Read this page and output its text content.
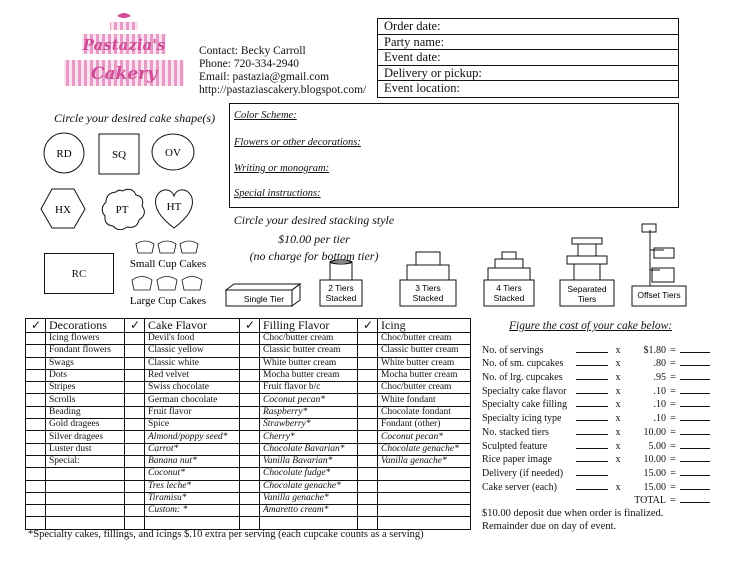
Pastazia's
Cakery
Contact: Becky Carroll
Phone: 720-334-2940
Email: pastazia@gmail.com
http://pastaziascakery.blogspot.com/
Order date:
Party name:
Event date:
Delivery or pickup:
Event location:
Circle your desired cake shape(s)
RD	SQ	OV
HX	PT	HT
RC
Small Cup Cakes
Large Cup Cakes
Color Scheme:
Flowers or other decorations:
Writing or monogram:
Special instructions:
Circle your desired stacking style
$10.00 per tier
(no charge for bottom tier)
Single Tier
2 Tiers
Stacked
3 Tiers
Stacked
4 Tiers
Stacked
Separated
Tiers	Offset Tiers
✓	Decorations	✓	Cake Flavor	✓	Filling Flavor	✓	Icing
	Icing flowers		Devil's food		Choc/butter cream		Choc/butter cream
	Fondant flowers		Classic yellow		Classic butter cream		Classic butter cream
	Swags		Classic white		White butter cream		White butter cream
	Dots		Red velvet		Mocha butter cream		Mocha butter cream
	Stripes		Swiss chocolate		Fruit flavor b/c		Choc/butter cream
	Scrolls		German chocolate		Coconut pecan*		White fondant
	Beading		Fruit flavor		Raspberry*		Chocolate fondant
	Gold dragees		Spice		Strawberry*		Fondant (other)
	Silver dragees		Almond/poppy seed*		Cherry*		Coconut pecan*
	Luster dust		Carrot*		Chocolate Bavarian*		Chocolate genache*
	Special:		Banana nut*		Vanilla Bavarian*		Vanilla genache*
			Coconut*		Chocolate fudge*		
			Tres leche*		Chocolate genache*		
			Tiramisu*		Vanilla genache*		
			Custom: *		Amaretto cream*		

Figure the cost of your cake below:
No. of servings		x	$1.80	=	
No. of sm. cupcakes		x	.80	=	
No. of lrg. cupcakes		x	.95	=	
Specialty cake flavor		x	.10	=	
Specialty cake filling		x	.10	=	
Specialty icing type		x	.10	=	
No. stacked tiers		x	10.00	=	
Sculpted feature		x	5.00	=	
Rice paper image		x	10.00	=	
Delivery (if needed)			15.00	=	
Cake server (each)		x	15.00	=	
			TOTAL	=	
$10.00 deposit due when order is finalized.
Remainder due on day of event.
*Specialty cakes, fillings, and icings $.10 extra per serving (each cupcake counts as a serving)
